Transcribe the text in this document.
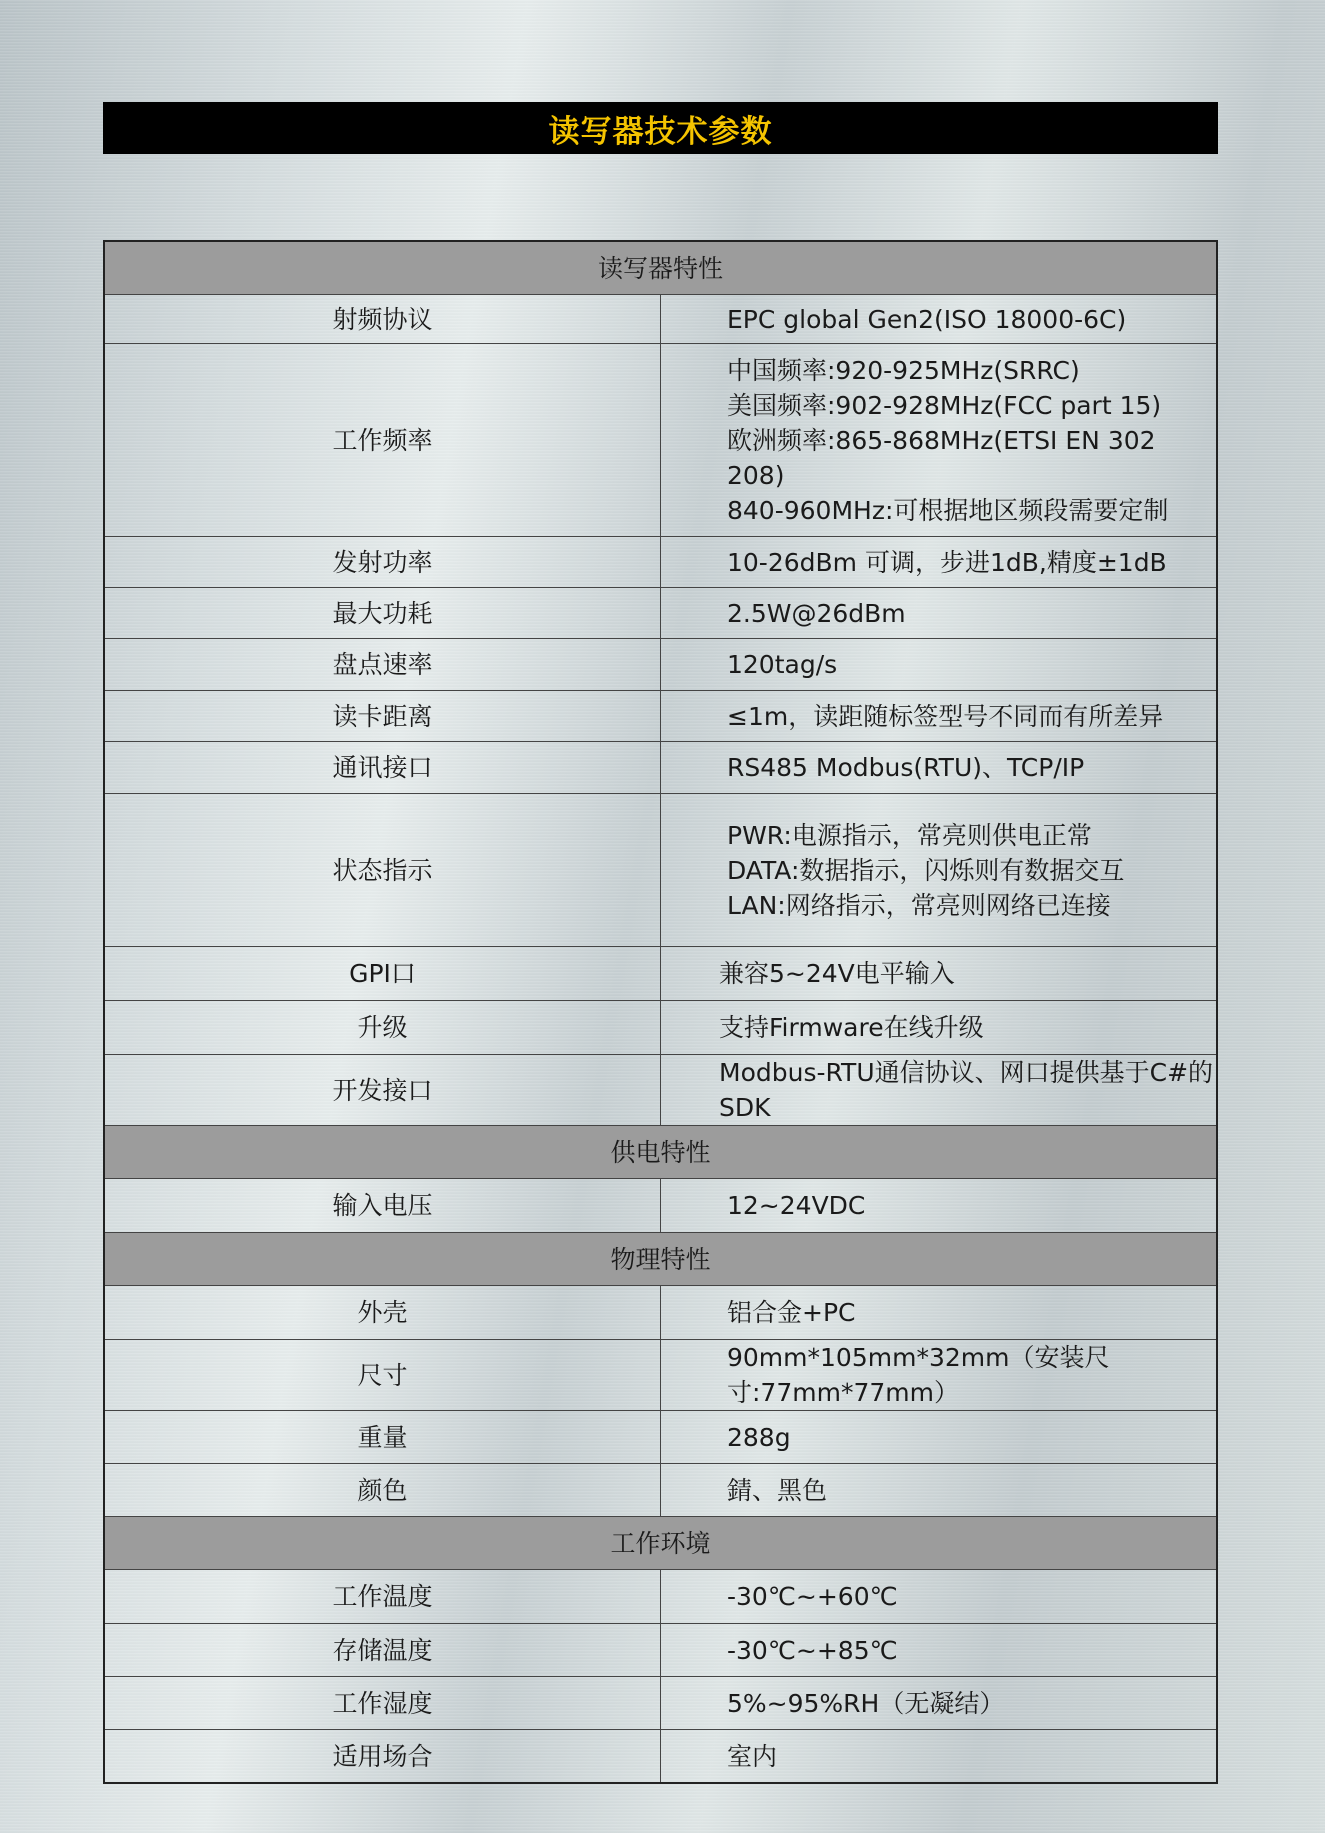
读写器技术参数
读写器特性	
射频协议	EPC global Gen2(ISO 18000-6C)

工作频率	中国频率:920-925MHz(SRRC)
美国频率:902-928MHz(FCC part 15)
欧洲频率:865-868MHz(ETSI EN 302 208)
840-960MHz:可根据地区频段需要定制

发射功率	10-26dBm 可调，步进1dB,精度±1dB

最大功耗	2.5W@26dBm

盘点速率	120tag/s

读卡距离	≤1m，读距随标签型号不同而有所差异

通讯接口	RS485 Modbus(RTU)、TCP/IP

状态指示	PWR:电源指示，常亮则供电正常
DATA:数据指示，闪烁则有数据交互
LAN:网络指示，常亮则网络已连接

GPI口	兼容5~24V电平输入

升级	支持Firmware在线升级

开发接口	Modbus-RTU通信协议、网口提供基于C#的SDK

供电特性	
输入电压	12~24VDC

物理特性	
外壳	铝合金+PC

尺寸	90mm*105mm*32mm（安装尺寸:77mm*77mm）

重量	288g

颜色	錆、黑色

工作环境	
工作温度	-30℃~+60℃

存储温度	-30℃~+85℃

工作湿度	5%~95%RH（无凝结）

适用场合	室内
